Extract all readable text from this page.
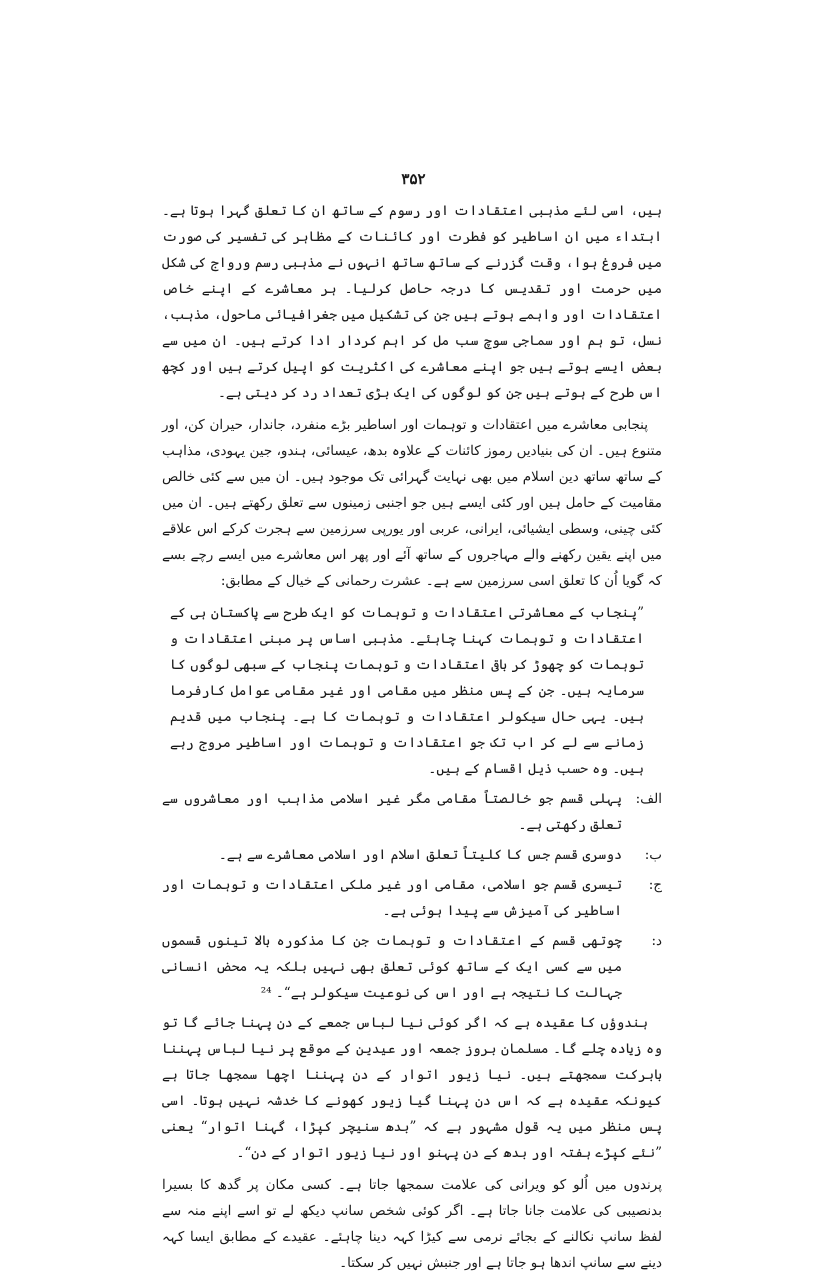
۳۵۲

ہیں، اسی لئے مذہبی اعتقادات اور رسوم کے ساتھ ان کا تعلق گہرا ہوتا ہے۔ ابتداء میں ان اساطیر کو فطرت اور کائنات کے مظاہر کی تفسیر کی صورت میں فروغ ہوا، وقت گزرنے کے ساتھ ساتھ انہوں نے مذہبی رسم ورواج کی شکل میں حرمت اور تقدیس کا درجہ حاصل کرلیا۔ ہر معاشرے کے اپنے خاص اعتقادات اور واہمے ہوتے ہیں جن کی تشکیل میں جغرافیائی ماحول، مذہب، نسل، تو ہم اور سماجی سوچ سب مل کر اہم کردار ادا کرتے ہیں۔ ان میں سے بعض ایسے ہوتے ہیں جو اپنے معاشرے کی اکثریت کو اپیل کرتے ہیں اور کچھ اس طرح کے ہوتے ہیں جن کو لوگوں کی ایک بڑی تعداد رد کر دیتی ہے۔

پنجابی معاشرے میں اعتقادات و توہمات اور اساطیر بڑے منفرد، جاندار، حیران کن، اور متنوع ہیں۔ ان کی بنیادیں رموز کائنات کے علاوہ بدھ، عیسائی، ہندو، جین یہودی، مذاہب کے ساتھ ساتھ دین اسلام میں بھی نہایت گہرائی تک موجود ہیں۔ ان میں سے کئی خالص مقامیت کے حامل ہیں اور کئی ایسے ہیں جو اجنبی زمینوں سے تعلق رکھتے ہیں۔ ان میں کئی چینی، وسطی ایشیائی، ایرانی، عربی اور یورپی سرزمین سے ہجرت کرکے اس علاقے میں اپنے یقین رکھنے والے مہاجروں کے ساتھ آئے اور پھر اس معاشرے میں ایسے رچے بسے کہ گویا اُن کا تعلق اسی سرزمین سے ہے۔ عشرت رحمانی کے خیال کے مطابق:

”پنجاب کے معاشرتی اعتقادات و توہمات کو ایک طرح سے پاکستان ہی کے اعتقادات و توہمات کہنا چاہئے۔ مذہبی اساس پر مبنی اعتقادات و توہمات کو چھوڑ کر باقی اعتقادات و توہمات پنجاب کے سبھی لوگوں کا سرمایہ ہیں۔ جن کے پس منظر میں مقامی اور غیر مقامی عوامل کارفرما ہیں۔ یہی حال سیکولر اعتقادات و توہمات کا ہے۔ پنجاب میں قدیم زمانے سے لے کر اب تک جو اعتقادات و توہمات اور اساطیر مروج رہے ہیں۔ وہ حسب ذیل اقسام کے ہیں۔

الف:
پہلی قسم جو خالصتاً مقامی مگر غیر اسلامی مذاہب اور معاشروں سے تعلق رکھتی ہے۔
ب:
دوسری قسم جس کا کلیتاً تعلق اسلام اور اسلامی معاشرے سے ہے۔
ج:
تیسری قسم جو اسلامی، مقامی اور غیر ملکی اعتقادات و توہمات اور اساطیر کی آمیزش سے پیدا ہوئی ہے۔
د:
چوتھی قسم کے اعتقادات و توہمات جن کا مذکورہ بالا تینوں قسموں میں سے کسی ایک کے ساتھ کوئی تعلق بھی نہیں بلکہ یہ محض انسانی جہالت کا نتیجہ ہے اور اس کی نوعیت سیکولر ہے“۔ ²⁴

ہندوؤں کا عقیدہ ہے کہ اگر کوئی نیا لباس جمعے کے دن پہنا جائے گا تو وہ زیادہ چلے گا۔ مسلمان بروز جمعہ اور عیدین کے موقع پر نیا لباس پہننا بابرکت سمجھتے ہیں۔ نیا زیور اتوار کے دن پہننا اچھا سمجھا جاتا ہے کیونکہ عقیدہ ہے کہ اس دن پہنا گیا زیور کھونے کا خدشہ نہیں ہوتا۔ اسی پس منظر میں یہ قول مشہور ہے کہ ”بدھ سنیچر کپڑا، گہنا اتوار“ یعنی ”نئے کپڑے ہفتہ اور بدھ کے دن پہنو اور نیا زیور اتوار کے دن“۔

پرندوں میں اُلو کو ویرانی کی علامت سمجھا جاتا ہے۔ کسی مکان پر گدھ کا بسیرا بدنصیبی کی علامت جانا جاتا ہے۔ اگر کوئی شخص سانپ دیکھ لے تو اسے اپنے منہ سے لفظ سانپ نکالنے کے بجائے نرمی سے کیڑا کہہ دینا چاہئے۔ عقیدے کے مطابق ایسا کہہ دینے سے سانپ اندھا ہو جاتا ہے اور جنبش نہیں کر سکتا۔
